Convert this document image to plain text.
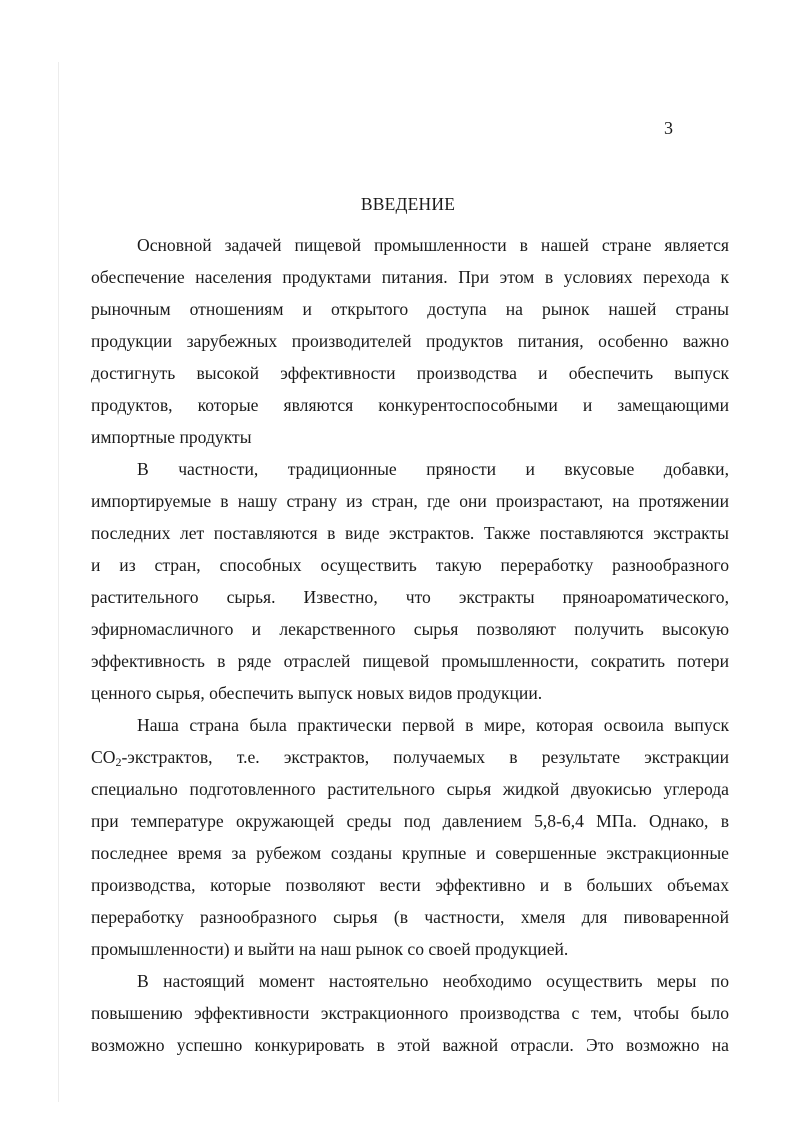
3
ВВЕДЕНИЕ
Основной задачей пищевой промышленности в нашей стране является
обеспечение населения продуктами питания. При этом в условиях перехода к
рыночным отношениям и открытого доступа на рынок нашей страны
продукции зарубежных производителей продуктов питания, особенно важно
достигнуть высокой эффективности производства и обеспечить выпуск
продуктов, которые являются конкурентоспособными и замещающими
импортные продукты
В частности, традиционные пряности и вкусовые добавки,
импортируемые в нашу страну из стран, где они произрастают, на протяжении
последних лет поставляются в виде экстрактов. Также поставляются экстракты
и из стран, способных осуществить такую переработку разнообразного
растительного сырья. Известно, что экстракты пряноароматического,
эфирномасличного и лекарственного сырья позволяют получить высокую
эффективность в ряде отраслей пищевой промышленности, сократить потери
ценного сырья, обеспечить выпуск новых видов продукции.
Наша страна была практически первой в мире, которая освоила выпуск
$CO_2$-экстрактов, т.е. экстрактов, получаемых в результате экстракции
специально подготовленного растительного сырья жидкой двуокисью углерода
при температуре окружающей среды под давлением 5,8-6,4 МПа. Однако, в
последнее время за рубежом созданы крупные и совершенные экстракционные
производства, которые позволяют вести эффективно и в больших объемах
переработку разнообразного сырья (в частности, хмеля для пивоваренной
промышленности) и выйти на наш рынок со своей продукцией.
В настоящий момент настоятельно необходимо осуществить меры по
повышению эффективности экстракционного производства с тем, чтобы было
возможно успешно конкурировать в этой важной отрасли. Это возможно на
